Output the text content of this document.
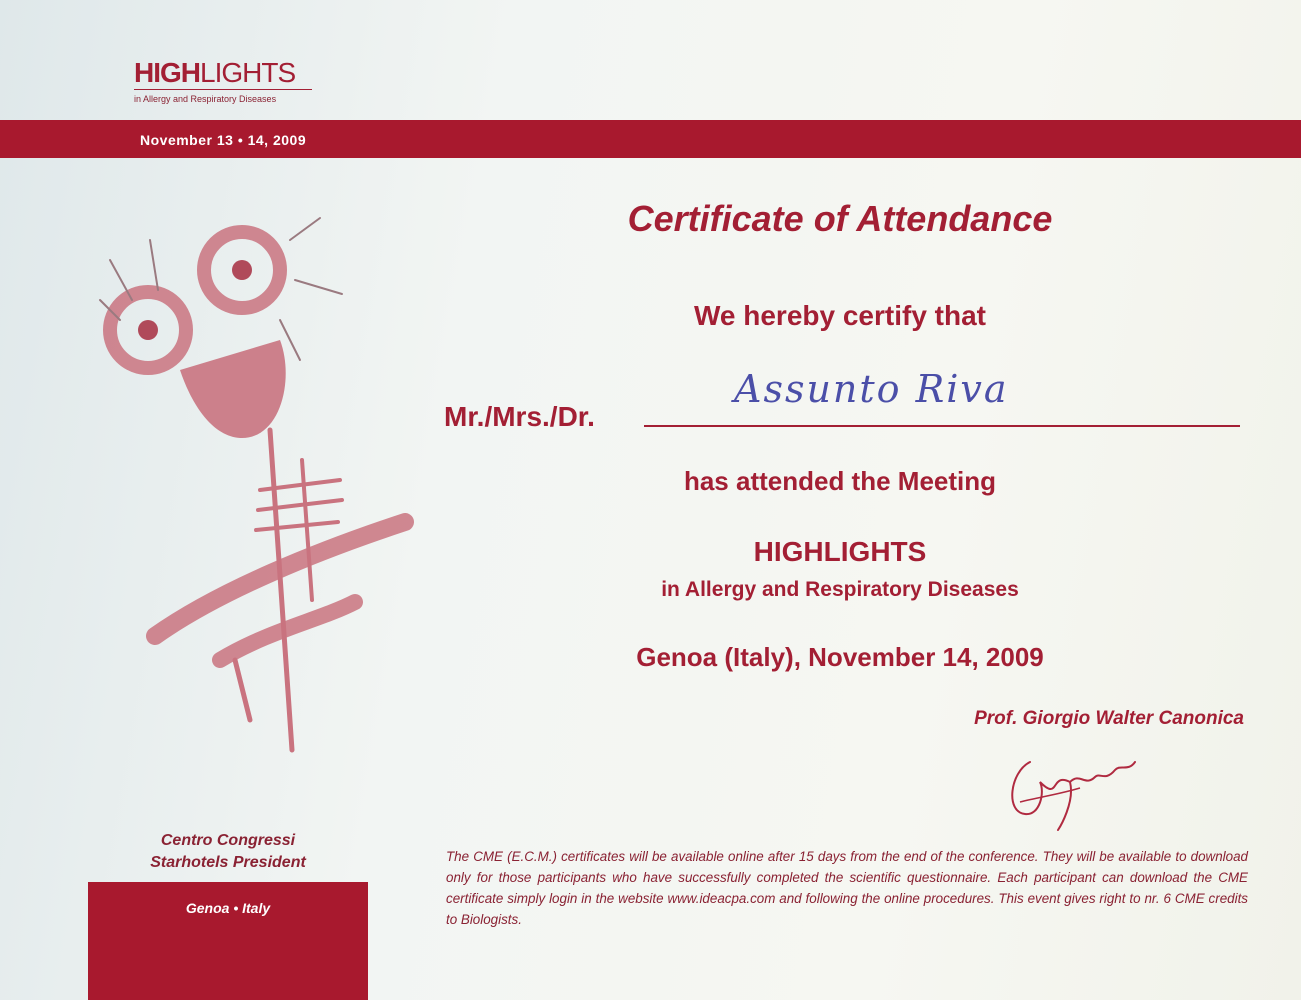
HIGHLIGHTS
in Allergy and Respiratory Diseases
November 13 • 14, 2009
Certificate of Attendance
We hereby certify that
Mr./Mrs./Dr.
Assunto Riva
has attended the Meeting
HIGHLIGHTS
in Allergy and Respiratory Diseases
Genoa (Italy), November 14, 2009
Prof. Giorgio Walter Canonica
Centro Congressi
Starhotels President
Genoa • Italy
The CME (E.C.M.) certificates will be available online after 15 days from the end of the conference. They will be available to download only for those participants who have successfully completed the scientific questionnaire. Each participant can download the CME certificate simply login in the website www.ideacpa.com and following the online procedures. This event gives right to nr. 6 CME credits to Biologists.
